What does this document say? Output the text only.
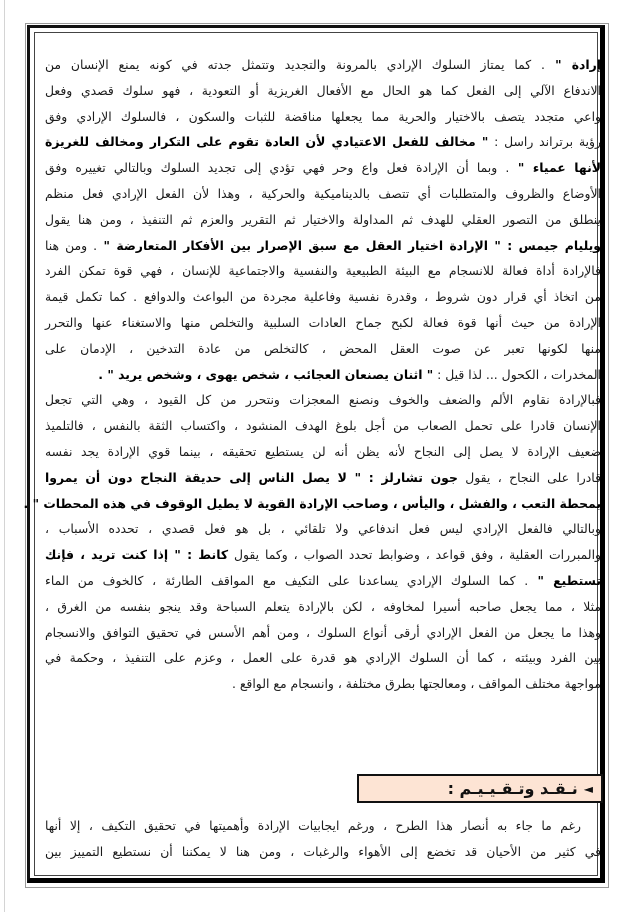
إرادة " . كما يمتاز السلوك الإرادي بالمرونة والتجديد وتتمثل جدته في كونه يمنع الإنسان من
الاندفاع الآلي إلى الفعل كما هو الحال مع الأفعال الغريزية أو التعودية ، فهو سلوك قصدي وفعل
واعي متجدد يتصف بالاختيار والحرية مما يجعلها مناقضة للثبات والسكون ، فالسلوك الإرادي وفق
رؤية برتراند راسل : " مخالف للفعل الاعتيادي لأن العادة تقوم على التكرار ومخالف للغريزة
لأنها عمياء " . وبما أن الإرادة فعل واع وحر فهي تؤدي إلى تجديد السلوك وبالتالي تغييره وفق
الأوضاع والظروف والمتطلبات أي تتصف بالديناميكية والحركية ، وهذا لأن الفعل الإرادي فعل منظم
ينطلق من التصور العقلي للهدف ثم المداولة والاختيار ثم التقرير والعزم ثم التنفيذ ، ومن هنا يقول
ويليام جيمس : " الإرادة اختيار العقل مع سبق الإصرار بين الأفكار المتعارضة " . ومن هنا
فالإرادة أداة فعالة للانسجام مع البيئة الطبيعية والنفسية والاجتماعية للإنسان ، فهي قوة تمكن الفرد
من اتخاذ أي قرار دون شروط ، وقدرة نفسية وفاعلية مجردة من البواعث والدوافع . كما تكمل قيمة
الإرادة من حيث أنها قوة فعالة لكبح جماح العادات السلبية والتخلص منها والاستغناء عنها والتحرر
منها لكونها تعبر عن صوت العقل المحض ، كالتخلص من عادة التدخين ، الإدمان على
المخدرات ، الكحول ... لذا قيل : " اثنان يصنعان العجائب ، شخص يهوى ، وشخص يريد " .
فبالإرادة نقاوم الألم والضعف والخوف ونصنع المعجزات ونتحرر من كل القيود ، وهي التي تجعل
الإنسان قادرا على تحمل الصعاب من أجل بلوغ الهدف المنشود ، واكتساب الثقة بالنفس ، فالتلميذ
ضعيف الإرادة لا يصل إلى النجاح لأنه يظن أنه لن يستطيع تحقيقه ، بينما قوي الإرادة يجد نفسه
قادرا على النجاح ، يقول جون تشارلز : " لا يصل الناس إلى حديقة النجاح دون أن يمروا
بمحطة التعب ، والفشل ، واليأس ، وصاحب الإرادة القوية لا يطيل الوقوف في هذه المحطات " .
وبالتالي فالفعل الإرادي ليس فعل اندفاعي ولا تلقائي ، بل هو فعل قصدي ، تحدده الأسباب ،
والمبررات العقلية ، وفق قواعد ، وضوابط تحدد الصواب ، وكما يقول كانط : " إذا كنت تريد ، فإنك
تستطيع " . كما السلوك الإرادي يساعدنا على التكيف مع المواقف الطارئة ، كالخوف من الماء
مثلا ، مما يجعل صاحبه أسيرا لمخاوفه ، لكن بالإرادة يتعلم السباحة وقد ينجو بنفسه من الغرق ،
وهذا ما يجعل من الفعل الإرادي أرقى أنواع السلوك ، ومن أهم الأسس في تحقيق التوافق والانسجام
بين الفرد وبيئته ، كما أن السلوك الإرادي هو قدرة على العمل ، وعزم على التنفيذ ، وحكمة في
مواجهة مختلف المواقف ، ومعالجتها بطرق مختلفة ، وانسجام مع الواقع .
◄
نـقـد وتـقـيـيـم :
رغم ما جاء به أنصار هذا الطرح ، ورغم ايجابيات الإرادة وأهميتها في تحقيق التكيف ، إلا أنها
في كثير من الأحيان قد تخضع إلى الأهواء والرغبات ، ومن هنا لا يمكننا أن نستطيع التمييز بين
